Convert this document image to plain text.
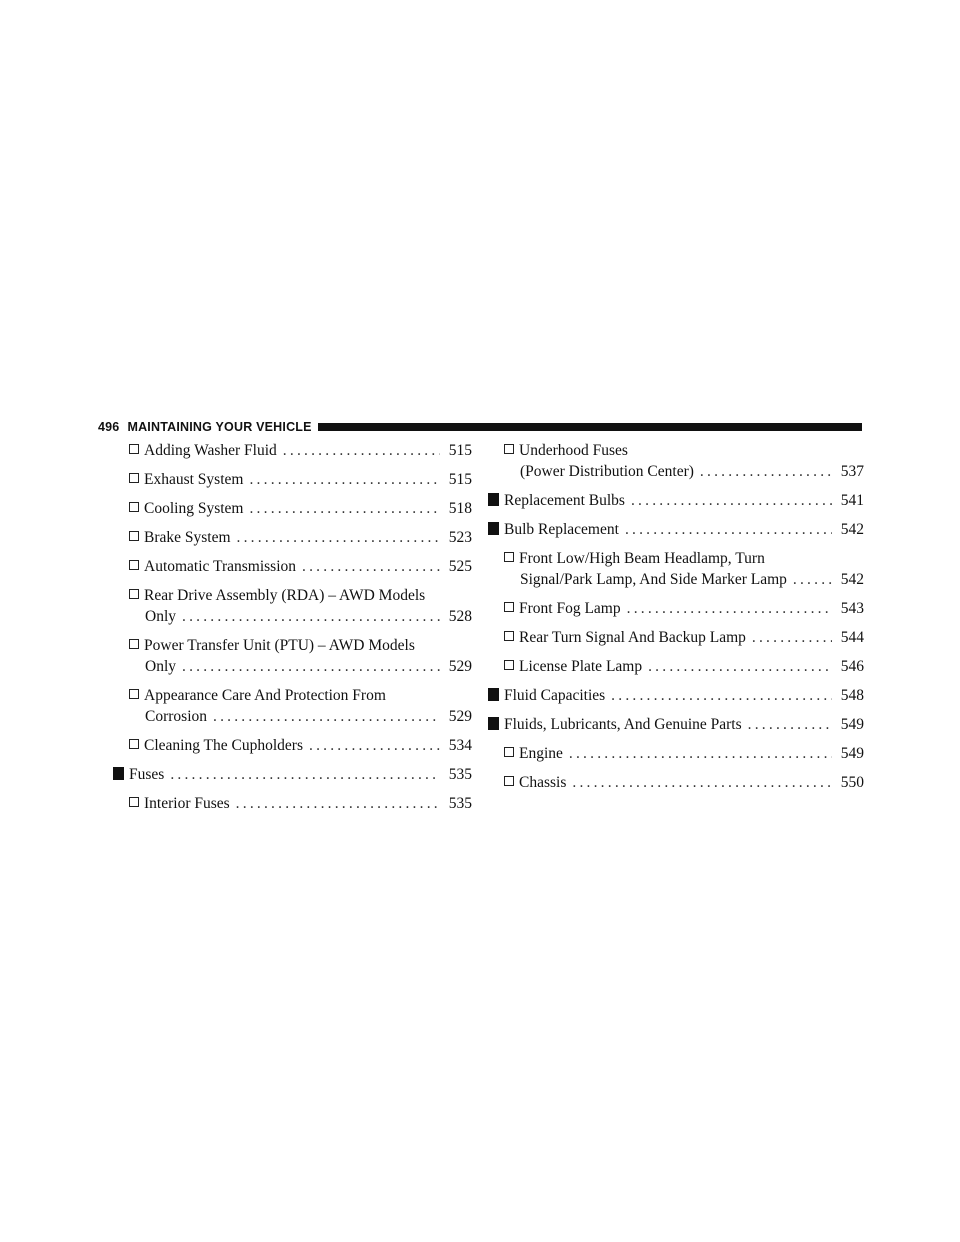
496 MAINTAINING YOUR VEHICLE
Adding Washer Fluid .....	515
Exhaust System .....	515
Cooling System .....	518
Brake System .....	523
Automatic Transmission .....	525
Rear Drive Assembly (RDA) – AWD Models
Only .....	528
Power Transfer Unit (PTU) – AWD Models
Only .....	529
Appearance Care And Protection From
Corrosion .....	529
Cleaning The Cupholders .....	534
Fuses .....	535
Interior Fuses .....	535
Underhood Fuses
(Power Distribution Center) .....	537
Replacement Bulbs .....	541
Bulb Replacement .....	542
Front Low/High Beam Headlamp, Turn
Signal/Park Lamp, And Side Marker Lamp .....	542
Front Fog Lamp .....	543
Rear Turn Signal And Backup Lamp .....	544
License Plate Lamp .....	546
Fluid Capacities .....	548
Fluids, Lubricants, And Genuine Parts .....	549
Engine .....	549
Chassis .....	550
